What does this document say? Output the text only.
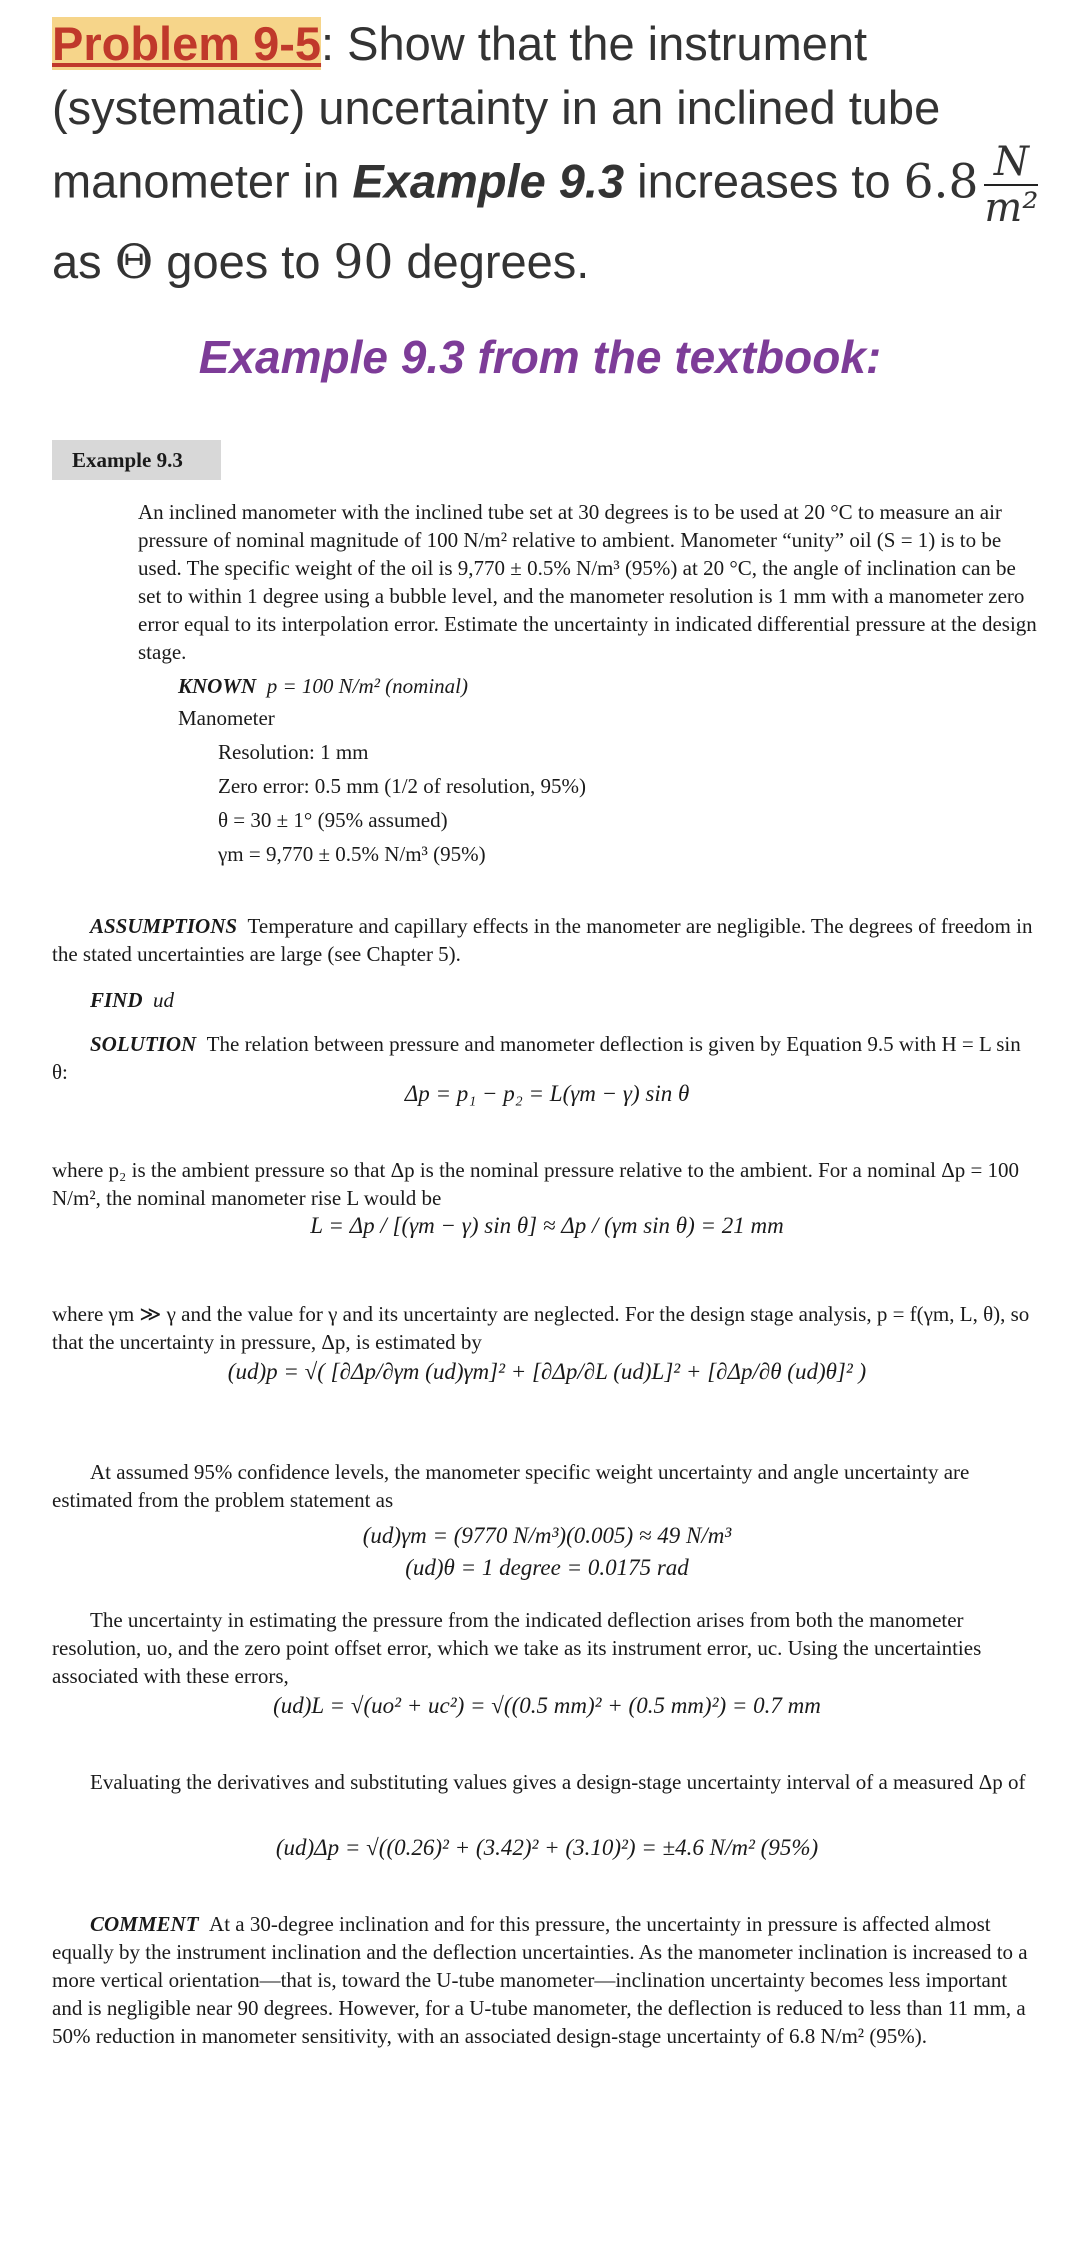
Problem 9-5: Show that the instrument (systematic) uncertainty in an inclined tube manometer in Example 9.3 increases to $6.8 \frac{N}{\text{m²}}$

as Θ goes to 90 degrees.
Example 9.3 from the textbook:
Example 9.3

An inclined manometer with the inclined tube set at 30 degrees is to be used at 20 °C to measure an air pressure of nominal magnitude of 100 N/m² relative to ambient. Manometer “unity” oil (S = 1) is to be used. The specific weight of the oil is 9,770 ± 0.5% N/m³ (95%) at 20 °C, the angle of inclination can be set to within 1 degree using a bubble level, and the manometer resolution is 1 mm with a manometer zero error equal to its interpolation error. Estimate the uncertainty in indicated differential pressure at the design stage.

KNOWN p = 100 N/m² (nominal)

Manometer

Resolution: 1 mm

Zero error: 0.5 mm (1/2 of resolution, 95%)

θ = 30 ± 1° (95% assumed)

γm = 9,770 ± 0.5% N/m³ (95%)

ASSUMPTIONS Temperature and capillary effects in the manometer are negligible. The degrees of freedom in the stated uncertainties are large (see Chapter 5).

FIND ud

SOLUTION The relation between pressure and manometer deflection is given by Equation 9.5 with H = L sin θ:

Δp = p₁ − p₂ = L(γm − γ) sin θ

where p₂ is the ambient pressure so that Δp is the nominal pressure relative to the ambient. For a nominal Δp = 100 N/m², the nominal manometer rise L would be

L = Δp / [(γm − γ) sin θ] ≈ Δp / (γm sin θ) = 21 mm

where γm ≫ γ and the value for γ and its uncertainty are neglected. For the design stage analysis, p = f(γm, L, θ), so that the uncertainty in pressure, Δp, is estimated by

(ud)p = √( [∂Δp/∂γm (ud)γm]² + [∂Δp/∂L (ud)L]² + [∂Δp/∂θ (ud)θ]² )

At assumed 95% confidence levels, the manometer specific weight uncertainty and angle uncertainty are estimated from the problem statement as

(ud)γm = (9770 N/m³)(0.005) ≈ 49 N/m³

(ud)θ = 1 degree = 0.0175 rad

The uncertainty in estimating the pressure from the indicated deflection arises from both the manometer resolution, uo, and the zero point offset error, which we take as its instrument error, uc. Using the uncertainties associated with these errors,

(ud)L = √(uo² + uc²) = √((0.5 mm)² + (0.5 mm)²) = 0.7 mm

Evaluating the derivatives and substituting values gives a design-stage uncertainty interval of a measured Δp of

(ud)Δp = √((0.26)² + (3.42)² + (3.10)²) = ±4.6 N/m² (95%)

COMMENT At a 30-degree inclination and for this pressure, the uncertainty in pressure is affected almost equally by the instrument inclination and the deflection uncertainties. As the manometer inclination is increased to a more vertical orientation—that is, toward the U-tube manometer—inclination uncertainty becomes less important and is negligible near 90 degrees. However, for a U-tube manometer, the deflection is reduced to less than 11 mm, a 50% reduction in manometer sensitivity, with an associated design-stage uncertainty of 6.8 N/m² (95%).
